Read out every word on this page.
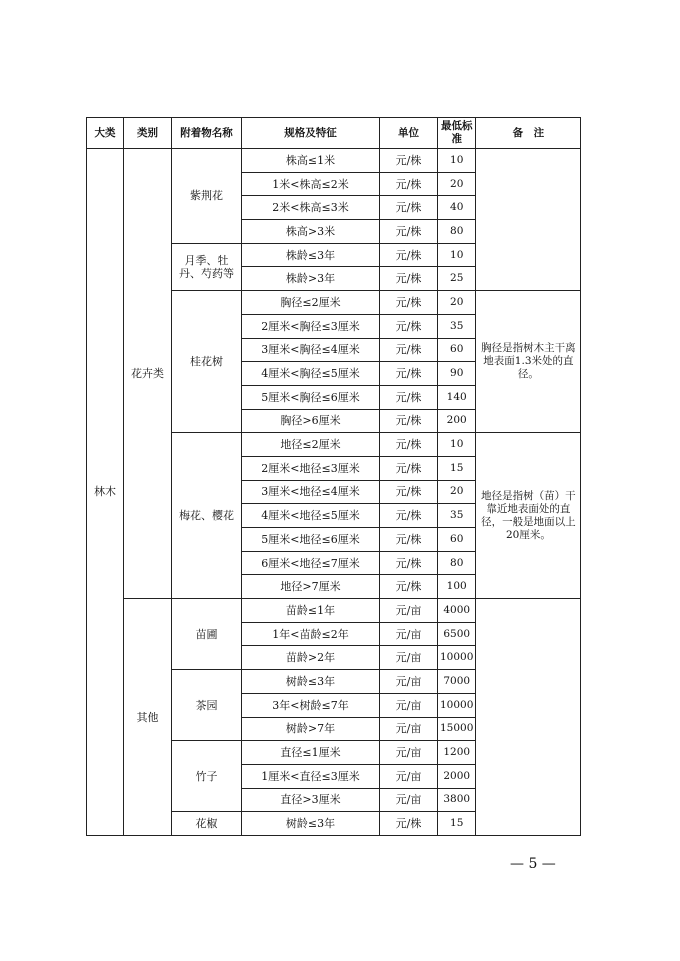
大类	类别	附着物名称	规格及特征	单位	最低标准	备　注
林木	花卉类	紫荆花	株高≤1米	元/株	10	
			1米<株高≤2米	元/株	20	
			2米<株高≤3米	元/株	40	
			株高>3米	元/株	80	
		月季、牡丹、芍药等	株龄≤3年	元/株	10	
			株龄>3年	元/株	25	
		桂花树	胸径≤2厘米	元/株	20	胸径是指树木主干离地表面1.3米处的直径。
			2厘米<胸径≤3厘米	元/株	35	
			3厘米<胸径≤4厘米	元/株	60	
			4厘米<胸径≤5厘米	元/株	90	
			5厘米<胸径≤6厘米	元/株	140	
			胸径>6厘米	元/株	200	
		梅花、樱花	地径≤2厘米	元/株	10	地径是指树（苗）干靠近地表面处的直径，一般是地面以上20厘米。
			2厘米<地径≤3厘米	元/株	15	
			3厘米<地径≤4厘米	元/株	20	
			4厘米<地径≤5厘米	元/株	35	
			5厘米<地径≤6厘米	元/株	60	
			6厘米<地径≤7厘米	元/株	80	
			地径>7厘米	元/株	100	
	其他	苗圃	苗龄≤1年	元/亩	4000	
			1年<苗龄≤2年	元/亩	6500	
			苗龄>2年	元/亩	10000	
		茶园	树龄≤3年	元/亩	7000	
			3年<树龄≤7年	元/亩	10000	
			树龄>7年	元/亩	15000	
		竹子	直径≤1厘米	元/亩	1200	
			1厘米<直径≤3厘米	元/亩	2000	
			直径>3厘米	元/亩	3800	
		花椒	树龄≤3年	元/株	15	
— 5 —
